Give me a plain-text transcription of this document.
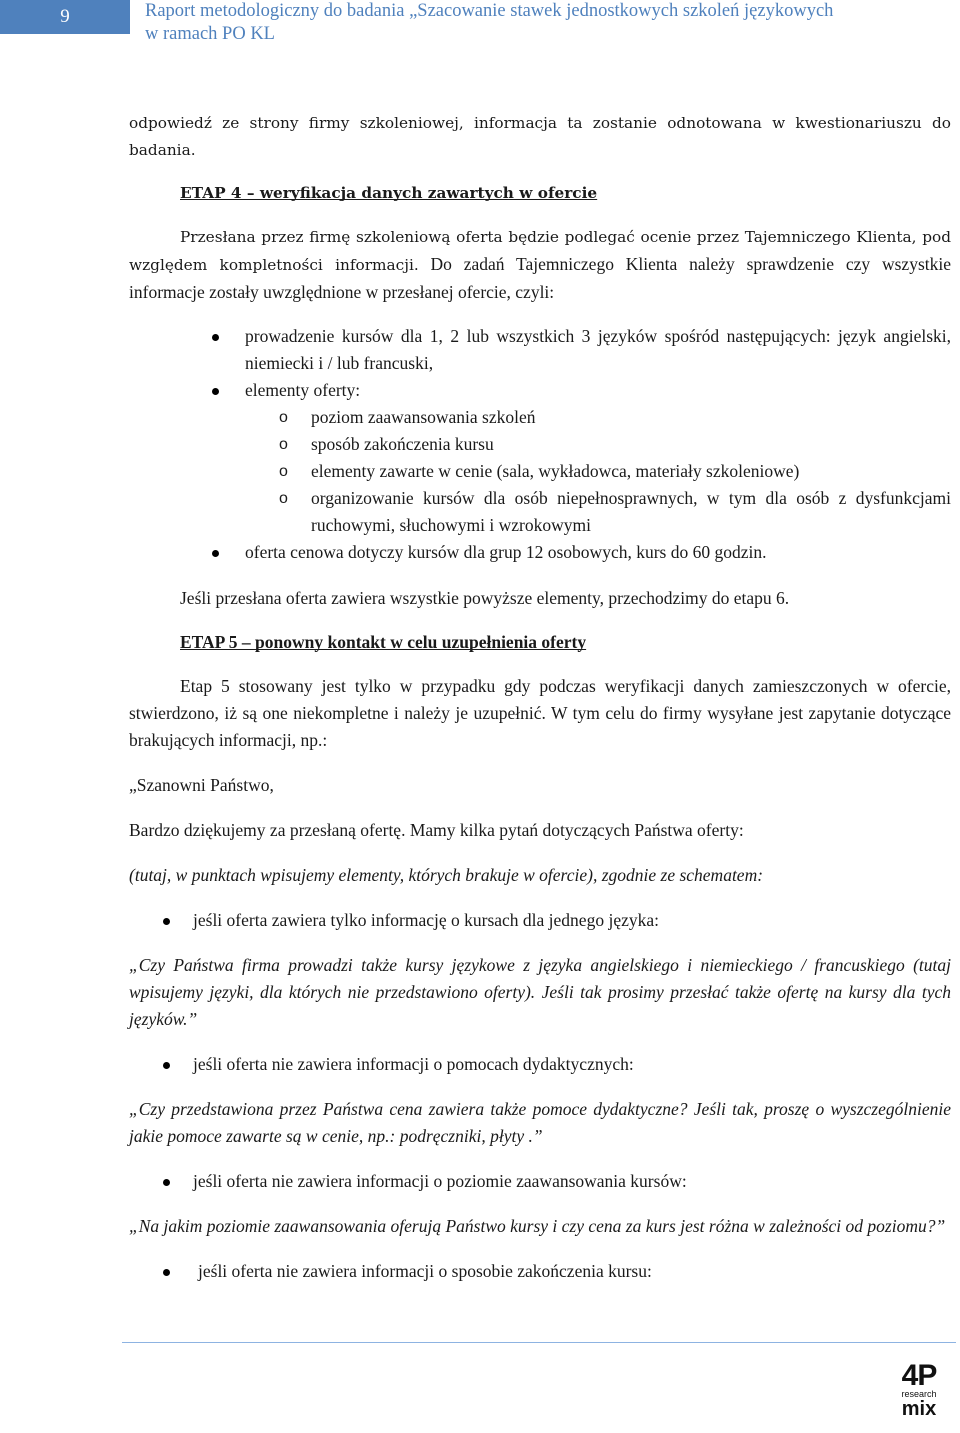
9	Raport metodologiczny do badania „Szacowanie stawek jednostkowych szkoleń językowych
w ramach PO KL

odpowiedź ze strony firmy szkoleniowej, informacja ta zostanie odnotowana w kwestionariuszu do badania.

ETAP 4 – weryfikacja danych zawartych w ofercie

Przesłana przez firmę szkoleniową oferta będzie podlegać ocenie przez Tajemniczego Klienta, pod względem kompletności informacji. Do zadań Tajemniczego Klienta należy sprawdzenie czy wszystkie informacje zostały uwzględnione w przesłanej ofercie, czyli:

prowadzenie kursów dla 1, 2 lub wszystkich 3 języków spośród następujących: język angielski, niemiecki i / lub francuski,
elementy oferty:
o poziom zaawansowania szkoleń
o sposób zakończenia kursu
o elementy zawarte w cenie (sala, wykładowca, materiały szkoleniowe)
o organizowanie kursów dla osób niepełnosprawnych, w tym dla osób z dysfunkcjami ruchowymi, słuchowymi i wzrokowymi
oferta cenowa dotyczy kursów dla grup 12 osobowych, kurs do 60 godzin.

Jeśli przesłana oferta zawiera wszystkie powyższe elementy, przechodzimy do etapu 6.

ETAP 5 – ponowny kontakt w celu uzupełnienia oferty

Etap 5 stosowany jest tylko w przypadku gdy podczas weryfikacji danych zamieszczonych w ofercie, stwierdzono, iż są one niekompletne i należy je uzupełnić. W tym celu do firmy wysyłane jest zapytanie dotyczące brakujących informacji, np.:

„Szanowni Państwo,

Bardzo dziękujemy za przesłaną ofertę. Mamy kilka pytań dotyczących Państwa oferty:

(tutaj, w punktach wpisujemy elementy, których brakuje w ofercie), zgodnie ze schematem:

jeśli oferta zawiera tylko informację o kursach dla jednego języka:

„Czy Państwa firma prowadzi także kursy językowe z języka angielskiego i niemieckiego / francuskiego (tutaj wpisujemy języki, dla których nie przedstawiono oferty). Jeśli tak prosimy przesłać także ofertę na kursy dla tych języków.”

jeśli oferta nie zawiera informacji o pomocach dydaktycznych:

„Czy przedstawiona przez Państwa cena zawiera także pomoce dydaktyczne? Jeśli tak, proszę o wyszczególnienie jakie pomoce zawarte są w cenie, np.: podręczniki, płyty .”

jeśli oferta nie zawiera informacji o poziomie zaawansowania kursów:

„Na jakim poziomie zaawansowania oferują Państwo kursy i czy cena za kurs jest różna w zależności od poziomu?”

jeśli oferta nie zawiera informacji o sposobie zakończenia kursu:
4P
research
mix
